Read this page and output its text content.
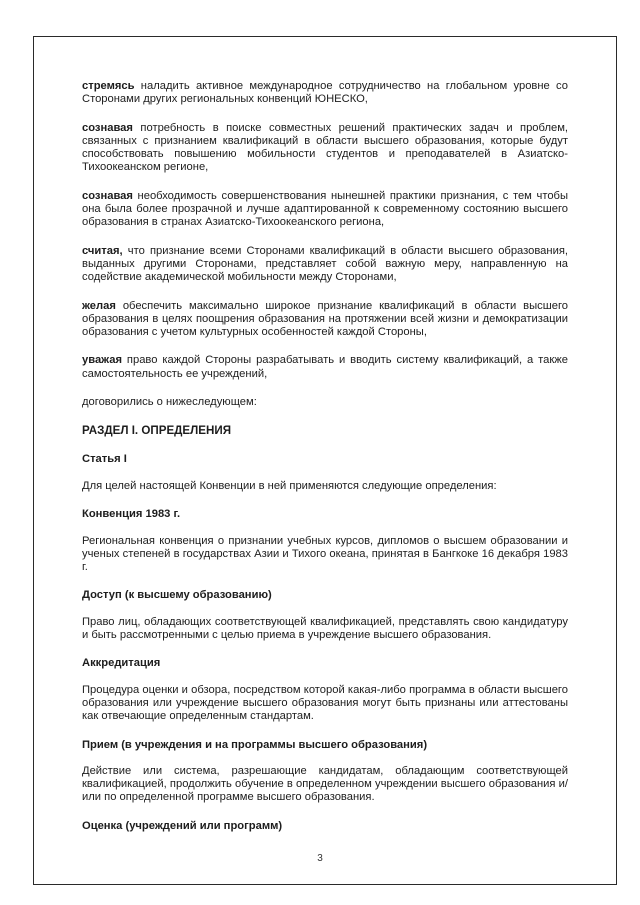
стремясь наладить активное международное сотрудничество на глобальном уровне со Сторонами других региональных конвенций ЮНЕСКО,

сознавая потребность в поиске совместных решений практических задач и проблем, связанных с признанием квалификаций в области высшего образования, которые будут способствовать повышению мобильности студентов и преподавателей в Азиатско-Тихоокеанском регионе,

сознавая необходимость совершенствования нынешней практики признания, с тем чтобы она была более прозрачной и лучше адаптированной к современному состоянию высшего образования в странах Азиатско-Тихоокеанского региона,

считая, что признание всеми Сторонами квалификаций в области высшего образования, выданных другими Сторонами, представляет собой важную меру, направленную на содействие академической мобильности между Сторонами,

желая обеспечить максимально широкое признание квалификаций в области высшего образования в целях поощрения образования на протяжении всей жизни и демократизации образования с учетом культурных особенностей каждой Стороны,

уважая право каждой Стороны разрабатывать и вводить систему квалификаций, а также самостоятельность ее учреждений,

договорились о нижеследующем:

РАЗДЕЛ I. ОПРЕДЕЛЕНИЯ
Статья I

Для целей настоящей Конвенции в ней применяются следующие определения:

Конвенция 1983 г.

Региональная конвенция о признании учебных курсов, дипломов о высшем образовании и ученых степеней в государствах Азии и Тихого океана, принятая в Бангкоке 16 декабря 1983 г.

Доступ (к высшему образованию)

Право лиц, обладающих соответствующей квалификацией, представлять свою кандидатуру и быть рассмотренными с целью приема в учреждение высшего образования.

Аккредитация

Процедура оценки и обзора, посредством которой какая-либо программа в области высшего образования или учреждение высшего образования могут быть признаны или аттестованы как отвечающие определенным стандартам.

Прием (в учреждения и на программы высшего образования)

Действие или система, разрешающие кандидатам, обладающим соответствующей квалификацией, продолжить обучение в определенном учреждении высшего образования и/или по определенной программе высшего образования.

Оценка (учреждений или программ)
3
